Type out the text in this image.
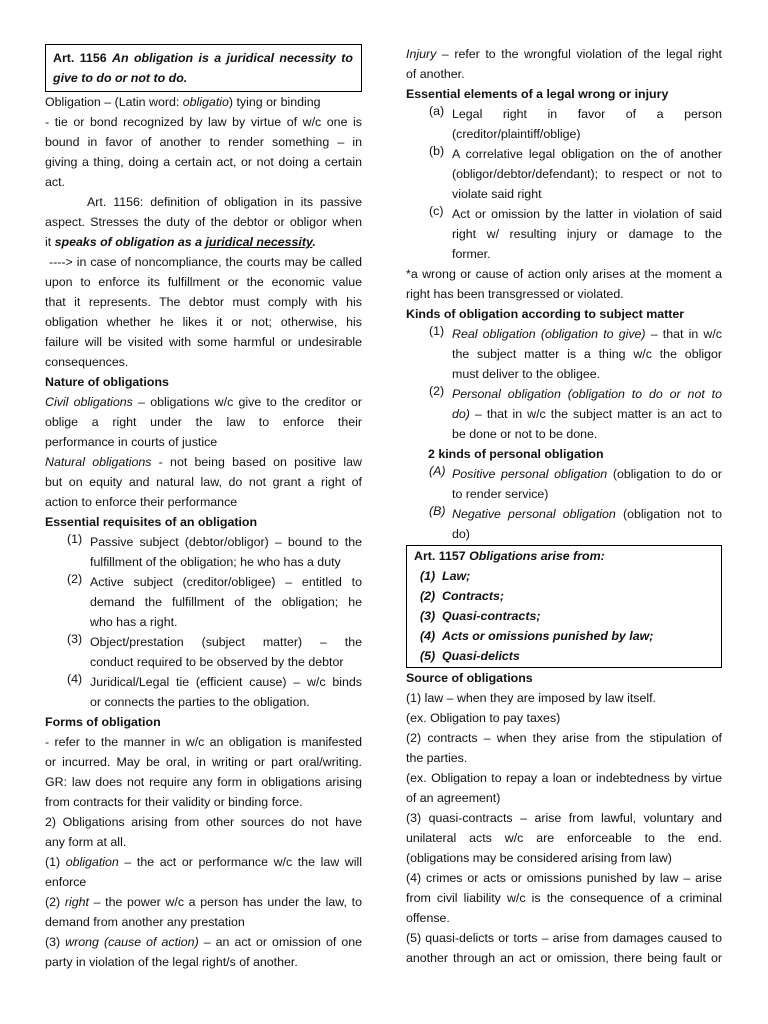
Art. 1156 An obligation is a juridical necessity to
give to do or not to do.
Obligation – (Latin word: obligatio) tying or binding
- tie or bond recognized by law by virtue of w/c one is
bound in favor of another to render something – in
giving a thing, doing a certain act, or not doing a certain
act.
Art. 1156: definition of obligation in its passive
aspect. Stresses the duty of the debtor or obligor when
it speaks of obligation as a juridical necessity.
----> in case of noncompliance, the courts may be called
upon to enforce its fulfillment or the economic value
that it represents. The debtor must comply with his
obligation whether he likes it or not; otherwise, his
failure will be visited with some harmful or undesirable
consequences.
Nature of obligations
Civil obligations – obligations w/c give to the creditor or
oblige a right under the law to enforce their
performance in courts of justice
Natural obligations - not being based on positive law
but on equity and natural law, do not grant a right of
action to enforce their performance
Essential requisites of an obligation
(1) Passive subject (debtor/obligor) – bound to the
fulfillment of the obligation; he who has a duty
(2) Active subject (creditor/obligee) – entitled to
demand the fulfillment of the obligation; he
who has a right.
(3) Object/prestation (subject matter) – the
conduct required to be observed by the debtor
(4) Juridical/Legal tie (efficient cause) – w/c binds
or connects the parties to the obligation.
Forms of obligation
- refer to the manner in w/c an obligation is manifested
or incurred. May be oral, in writing or part oral/writing.
GR: law does not require any form in obligations arising
from contracts for their validity or binding force.
2) Obligations arising from other sources do not have
any form at all.
(1) obligation – the act or performance w/c the law will
enforce
(2) right – the power w/c a person has under the law, to
demand from another any prestation
(3) wrong (cause of action) – an act or omission of one
party in violation of the legal right/s of another.
Injury – refer to the wrongful violation of the legal right
of another.
Essential elements of a legal wrong or injury
(a) Legal right in favor of a person
(creditor/plaintiff/oblige)
(b) A correlative legal obligation on the of another
(obligor/debtor/defendant); to respect or not to
violate said right
(c) Act or omission by the latter in violation of said
right w/ resulting injury or damage to the
former.
*a wrong or cause of action only arises at the moment a
right has been transgressed or violated.
Kinds of obligation according to subject matter
(1) Real obligation (obligation to give) – that in w/c
the subject matter is a thing w/c the obligor
must deliver to the obligee.
(2) Personal obligation (obligation to do or not to
do) – that in w/c the subject matter is an act to
be done or not to be done.
2 kinds of personal obligation
(A) Positive personal obligation (obligation to do or
to render service)
(B) Negative personal obligation (obligation not to
do)
Art. 1157 Obligations arise from:
(1) Law;
(2) Contracts;
(3) Quasi-contracts;
(4) Acts or omissions punished by law;
(5) Quasi-delicts
Source of obligations
(1) law – when they are imposed by law itself.
(ex. Obligation to pay taxes)
(2) contracts – when they arise from the stipulation of
the parties.
(ex. Obligation to repay a loan or indebtedness by virtue
of an agreement)
(3) quasi-contracts – arise from lawful, voluntary and
unilateral acts w/c are enforceable to the end.
(obligations may be considered arising from law)
(4) crimes or acts or omissions punished by law – arise
from civil liability w/c is the consequence of a criminal
offense.
(5) quasi-delicts or torts – arise from damages caused to
another through an act or omission, there being fault or
